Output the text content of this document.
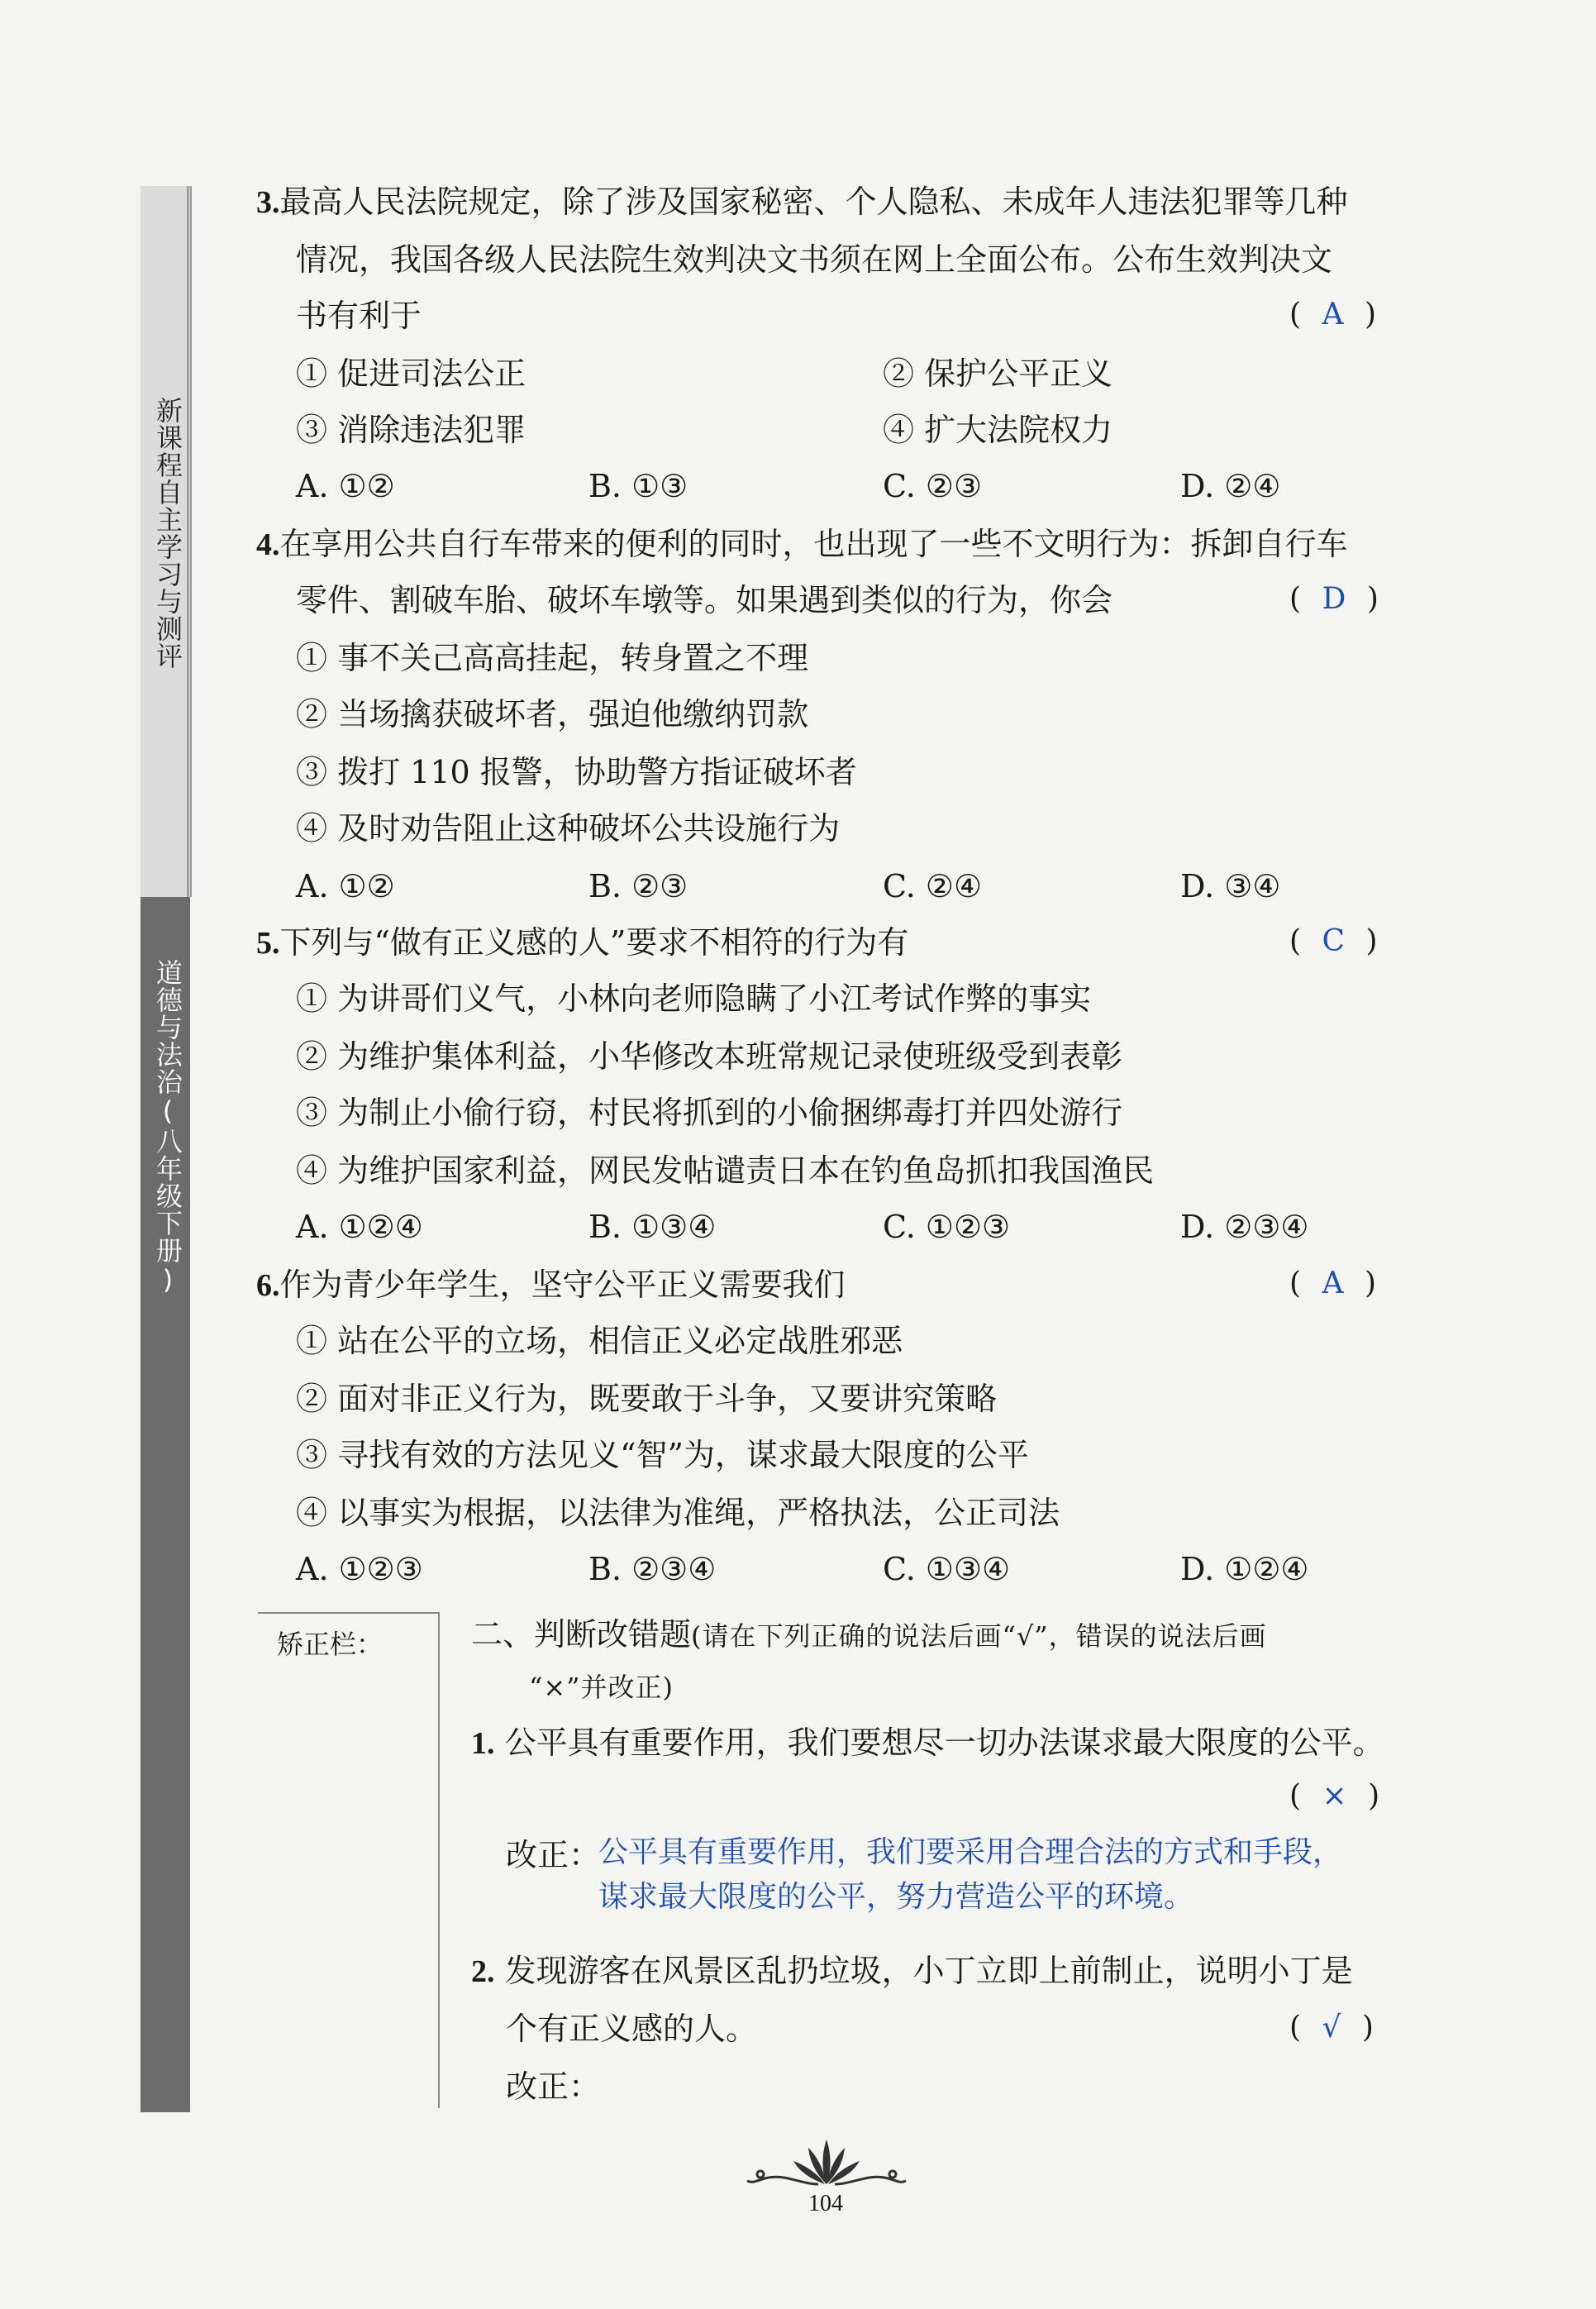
新课程自主学习与测评
道德与法治(八年级下册)
3.最高人民法院规定，除了涉及国家秘密、个人隐私、未成年人违法犯罪等几种
情况，我国各级人民法院生效判决文书须在网上全面公布。公布生效判决文
书有利于	( A )
① 促进司法公正	② 保护公平正义
③ 消除违法犯罪	④ 扩大法院权力
A. ①②	B. ①③	C. ②③	D. ②④
4.在享用公共自行车带来的便利的同时，也出现了一些不文明行为：拆卸自行车
零件、割破车胎、破坏车墩等。如果遇到类似的行为，你会	( D )
① 事不关己高高挂起，转身置之不理
② 当场擒获破坏者，强迫他缴纳罚款
③ 拨打 110 报警，协助警方指证破坏者
④ 及时劝告阻止这种破坏公共设施行为
A. ①②	B. ②③	C. ②④	D. ③④
5.下列与“做有正义感的人”要求不相符的行为有	( C )
① 为讲哥们义气，小林向老师隐瞒了小江考试作弊的事实
② 为维护集体利益，小华修改本班常规记录使班级受到表彰
③ 为制止小偷行窃，村民将抓到的小偷捆绑毒打并四处游行
④ 为维护国家利益，网民发帖谴责日本在钓鱼岛抓扣我国渔民
A. ①②④	B. ①③④	C. ①②③	D. ②③④
6.作为青少年学生，坚守公平正义需要我们	( A )
① 站在公平的立场，相信正义必定战胜邪恶
② 面对非正义行为，既要敢于斗争，又要讲究策略
③ 寻找有效的方法见义“智”为，谋求最大限度的公平
④ 以事实为根据，以法律为准绳，严格执法，公正司法
A. ①②③	B. ②③④	C. ①③④	D. ①②④
矫正栏：	二、判断改错题(请在下列正确的说法后画“√”，错误的说法后画
“×”并改正)
1. 公平具有重要作用，我们要想尽一切办法谋求最大限度的公平。
( × )
改正：
公平具有重要作用，我们要采用合理合法的方式和手段，
谋求最大限度的公平，努力营造公平的环境。
2. 发现游客在风景区乱扔垃圾，小丁立即上前制止，说明小丁是
个有正义感的人。	( √ )
改正：
104
